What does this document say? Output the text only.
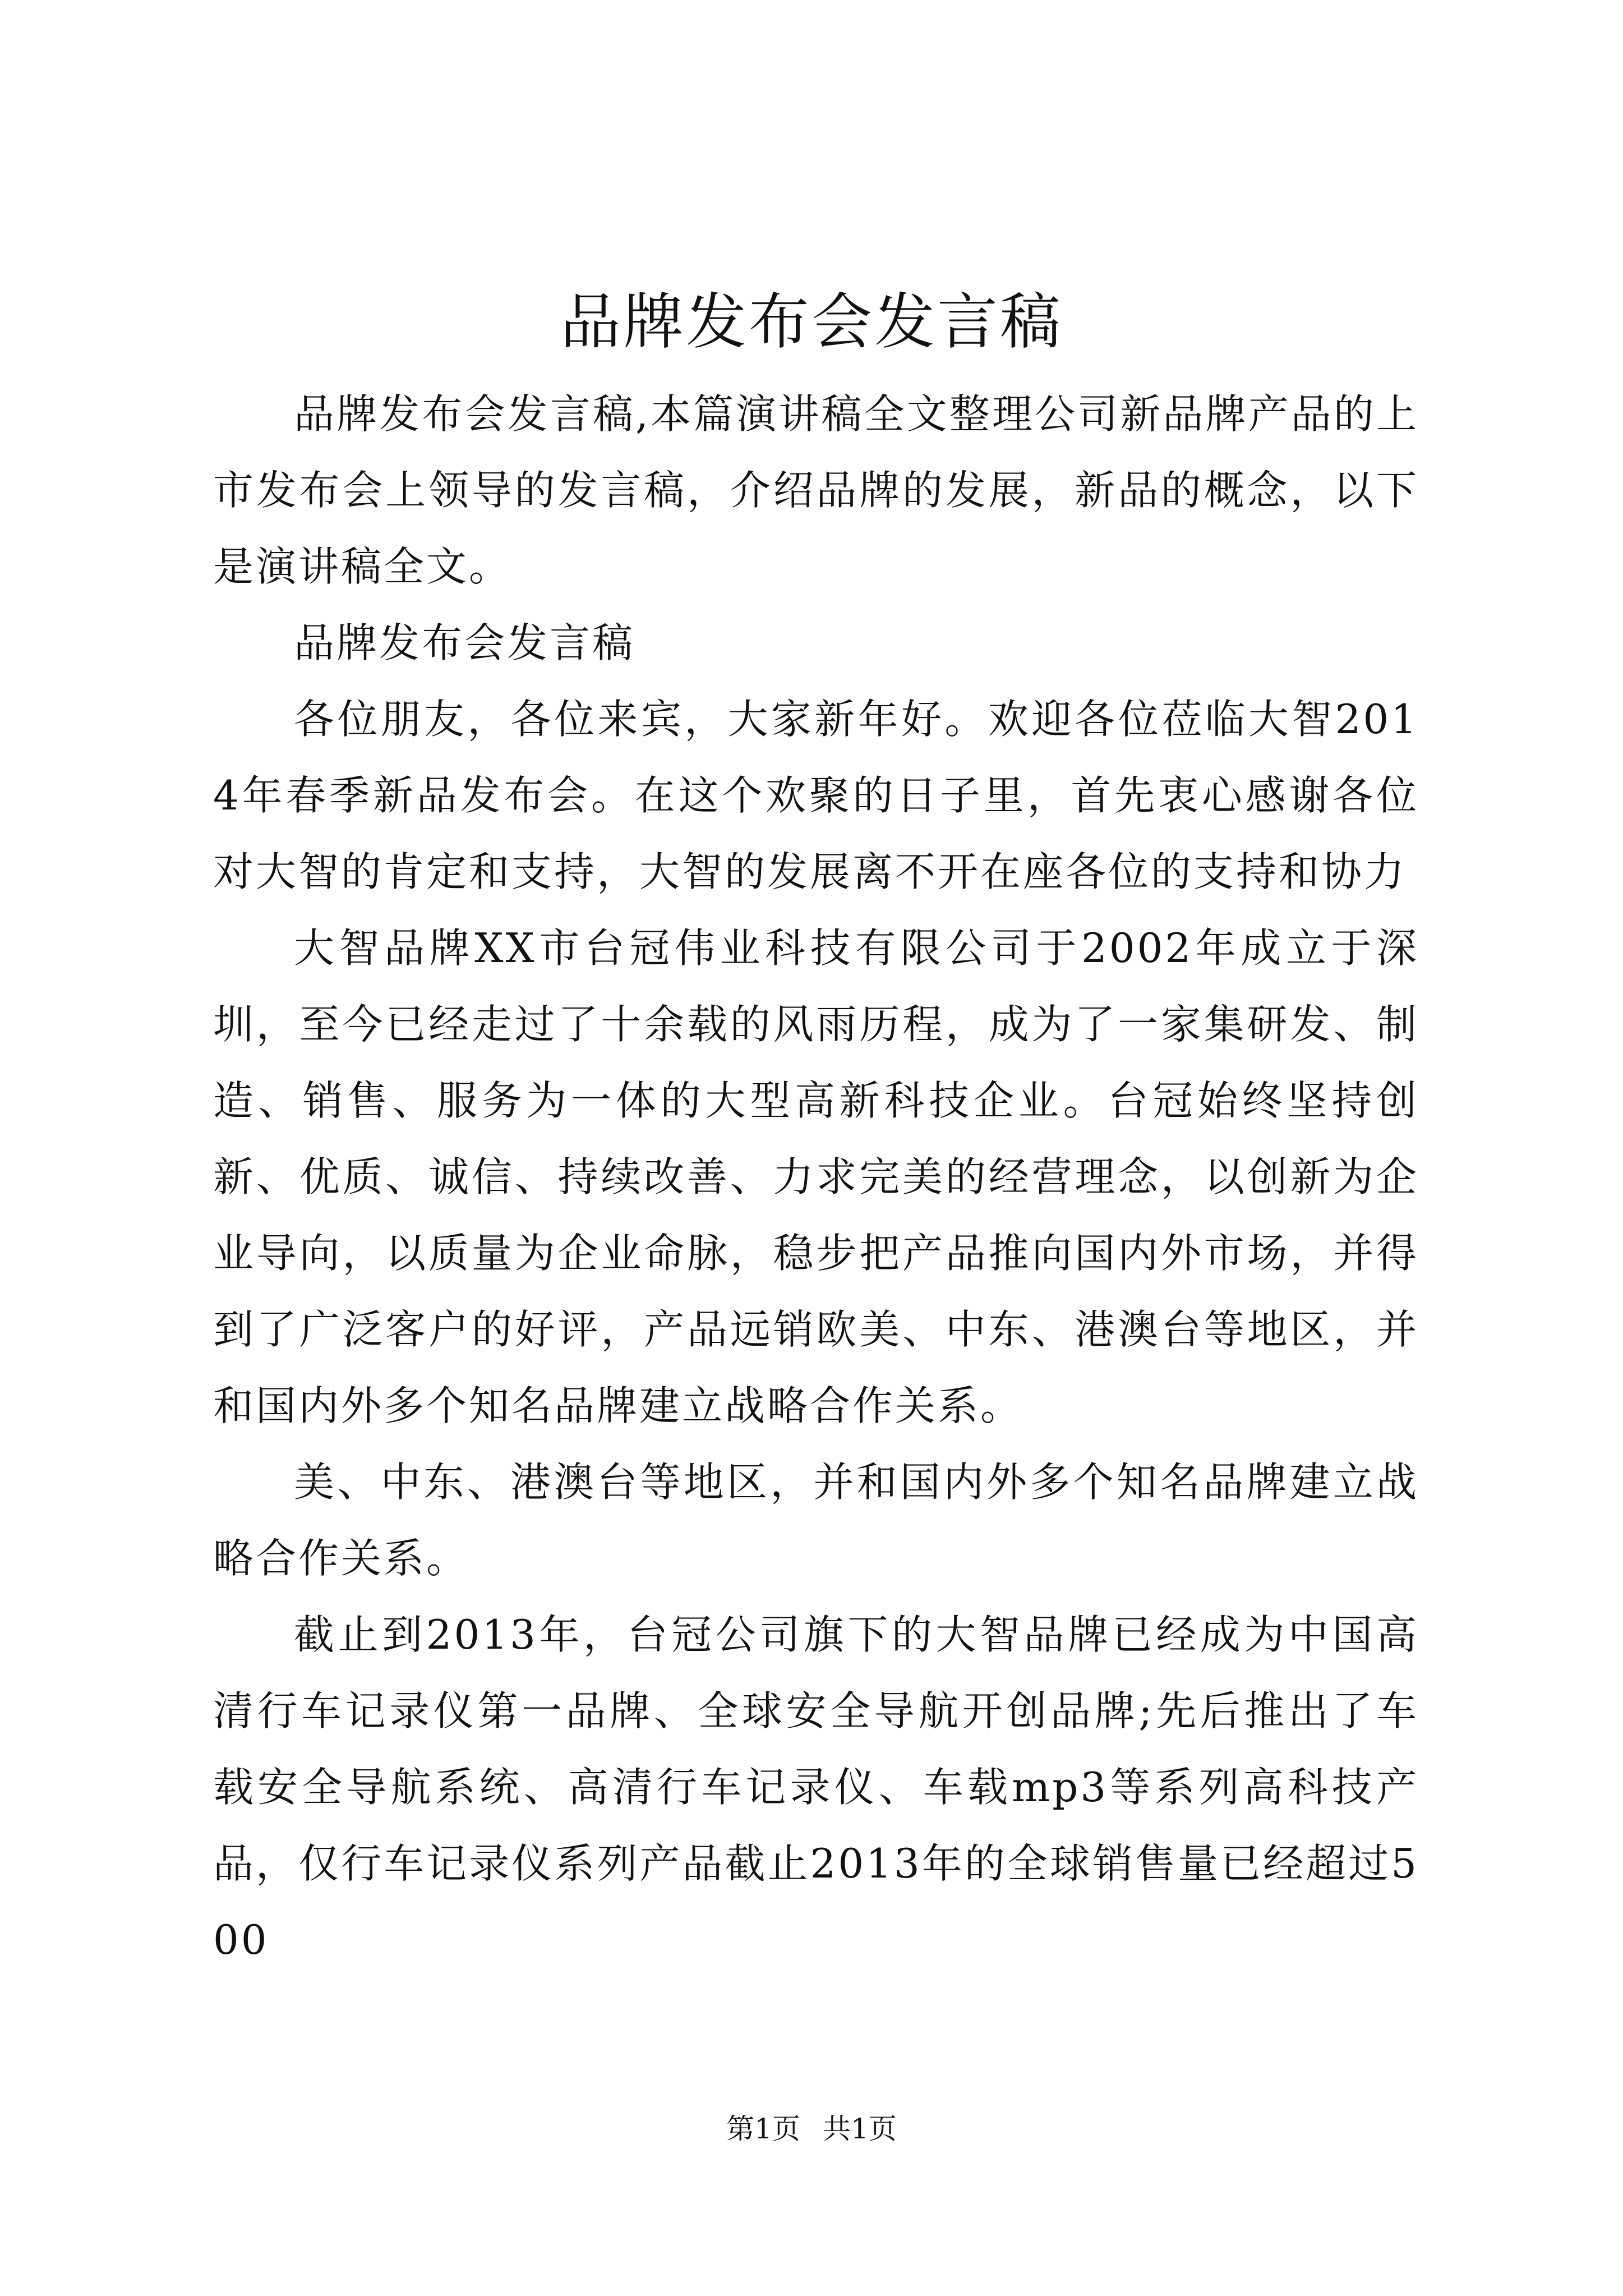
品牌发布会发言稿

品牌发布会发言稿,本篇演讲稿全文整理公司新品牌产品的上市发布会上领导的发言稿，介绍品牌的发展，新品的概念，以下是演讲稿全文。

品牌发布会发言稿

各位朋友，各位来宾，大家新年好。欢迎各位莅临大智2014年春季新品发布会。在这个欢聚的日子里，首先衷心感谢各位对大智的肯定和支持，大智的发展离不开在座各位的支持和协力

大智品牌XX市台冠伟业科技有限公司于2002年成立于深圳，至今已经走过了十余载的风雨历程，成为了一家集研发、制造、销售、服务为一体的大型高新科技企业。台冠始终坚持创新、优质、诚信、持续改善、力求完美的经营理念，以创新为企业导向，以质量为企业命脉，稳步把产品推向国内外市场，并得到了广泛客户的好评，产品远销欧美、中东、港澳台等地区，并和国内外多个知名品牌建立战略合作关系。

美、中东、港澳台等地区，并和国内外多个知名品牌建立战略合作关系。

截止到2013年，台冠公司旗下的大智品牌已经成为中国高清行车记录仪第一品牌、全球安全导航开创品牌;先后推出了车载安全导航系统、高清行车记录仪、车载mp3等系列高科技产品，仅行车记录仪系列产品截止2013年的全球销售量已经超过500

第1页 共1页
